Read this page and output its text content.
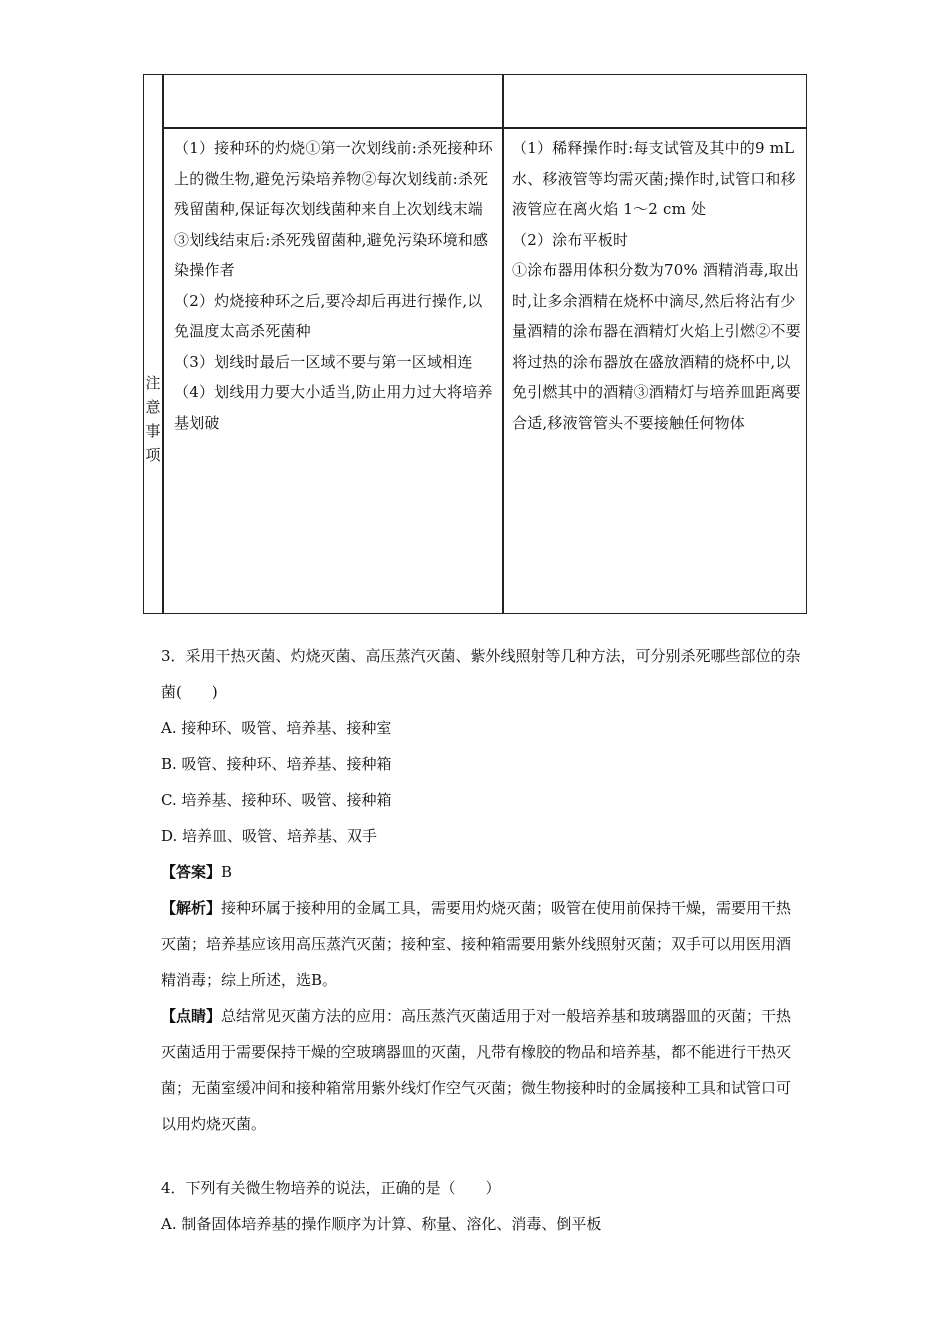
注
意
事
项

（1）接种环的灼烧①第一次划线前:杀死接种环上的微生物,避免污染培养物②每次划线前:杀死残留菌种,保证每次划线菌种来自上次划线末端③划线结束后:杀死残留菌种,避免污染环境和感染操作者

（2）灼烧接种环之后,要冷却后再进行操作,以免温度太高杀死菌种

（3）划线时最后一区域不要与第一区域相连

（4）划线用力要大小适当,防止用力过大将培养基划破

（1）稀释操作时:每支试管及其中的9 mL水、移液管等均需灭菌;操作时,试管口和移液管应在离火焰 1～2 cm 处

（2）涂布平板时

①涂布器用体积分数为70% 酒精消毒,取出时,让多余酒精在烧杯中滴尽,然后将沾有少量酒精的涂布器在酒精灯火焰上引燃②不要将过热的涂布器放在盛放酒精的烧杯中,以免引燃其中的酒精③酒精灯与培养皿距离要合适,移液管管头不要接触任何物体

3．采用干热灭菌、灼烧灭菌、高压蒸汽灭菌、紫外线照射等几种方法，可分别杀死哪些部位的杂菌(　　)

A. 接种环、吸管、培养基、接种室

B. 吸管、接种环、培养基、接种箱

C. 培养基、接种环、吸管、接种箱

D. 培养皿、吸管、培养基、双手

【答案】B

【解析】接种环属于接种用的金属工具，需要用灼烧灭菌；吸管在使用前保持干燥，需要用干热灭菌；培养基应该用高压蒸汽灭菌；接种室、接种箱需要用紫外线照射灭菌；双手可以用医用酒精消毒；综上所述，选B。

【点睛】总结常见灭菌方法的应用：高压蒸汽灭菌适用于对一般培养基和玻璃器皿的灭菌；干热灭菌适用于需要保持干燥的空玻璃器皿的灭菌，凡带有橡胶的物品和培养基，都不能进行干热灭菌；无菌室缓冲间和接种箱常用紫外线灯作空气灭菌；微生物接种时的金属接种工具和试管口可以用灼烧灭菌。

4．下列有关微生物培养的说法，正确的是（　　）

A. 制备固体培养基的操作顺序为计算、称量、溶化、消毒、倒平板
